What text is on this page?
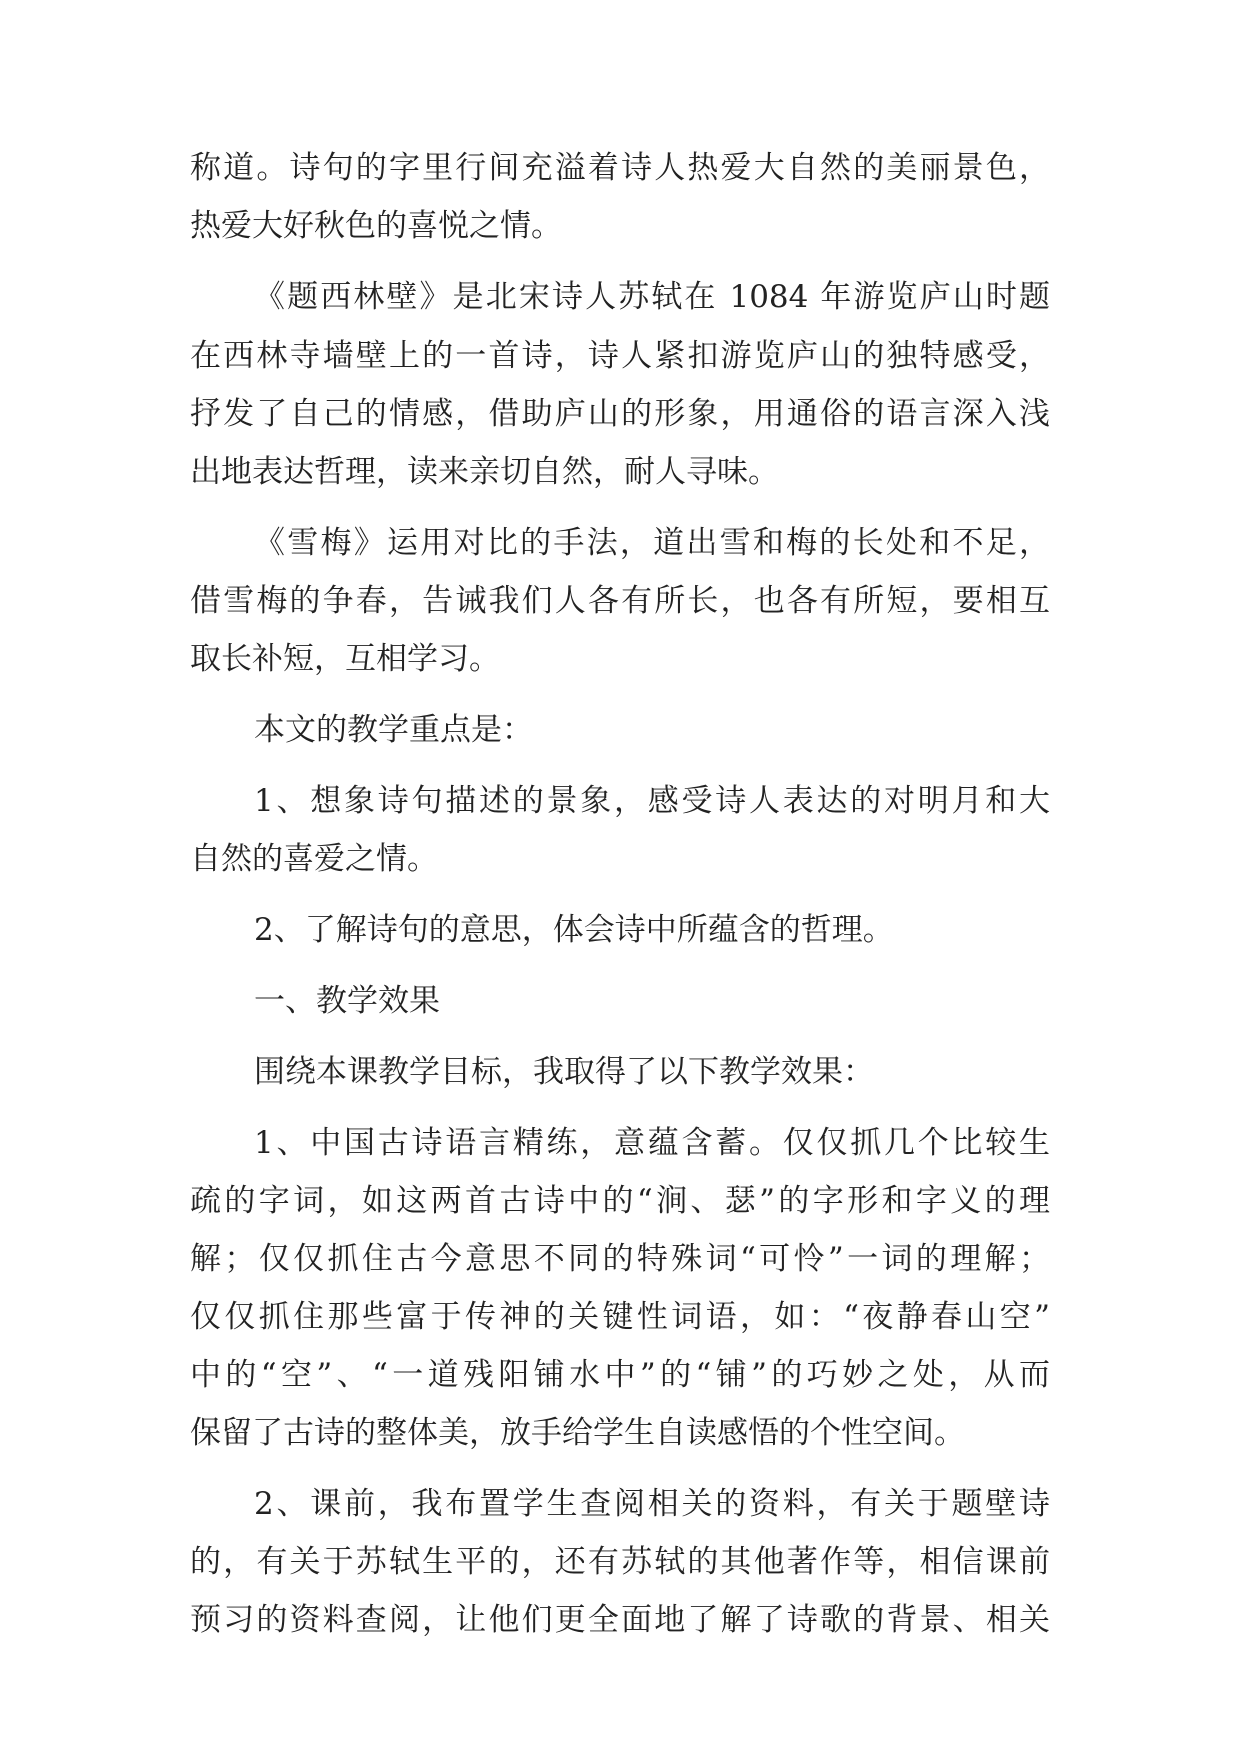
称道。诗句的字里行间充溢着诗人热爱大自然的美丽景色，
热爱大好秋色的喜悦之情。
《题西林壁》是北宋诗人苏轼在 1084 年游览庐山时题
在西林寺墙壁上的一首诗，诗人紧扣游览庐山的独特感受，
抒发了自己的情感，借助庐山的形象，用通俗的语言深入浅
出地表达哲理，读来亲切自然，耐人寻味。
《雪梅》运用对比的手法，道出雪和梅的长处和不足，
借雪梅的争春，告诫我们人各有所长，也各有所短，要相互
取长补短，互相学习。
本文的教学重点是：
1、想象诗句描述的景象，感受诗人表达的对明月和大
自然的喜爱之情。
2、了解诗句的意思，体会诗中所蕴含的哲理。
一、教学效果
围绕本课教学目标，我取得了以下教学效果：
1、中国古诗语言精练，意蕴含蓄。仅仅抓几个比较生
疏的字词，如这两首古诗中的“涧、瑟”的字形和字义的理
解；仅仅抓住古今意思不同的特殊词“可怜”一词的理解；
仅仅抓住那些富于传神的关键性词语，如：“夜静春山空”
中的“空”、“一道残阳铺水中”的“铺”的巧妙之处，从而
保留了古诗的整体美，放手给学生自读感悟的个性空间。
2、课前，我布置学生查阅相关的资料，有关于题壁诗
的，有关于苏轼生平的，还有苏轼的其他著作等，相信课前
预习的资料查阅，让他们更全面地了解了诗歌的背景、相关
